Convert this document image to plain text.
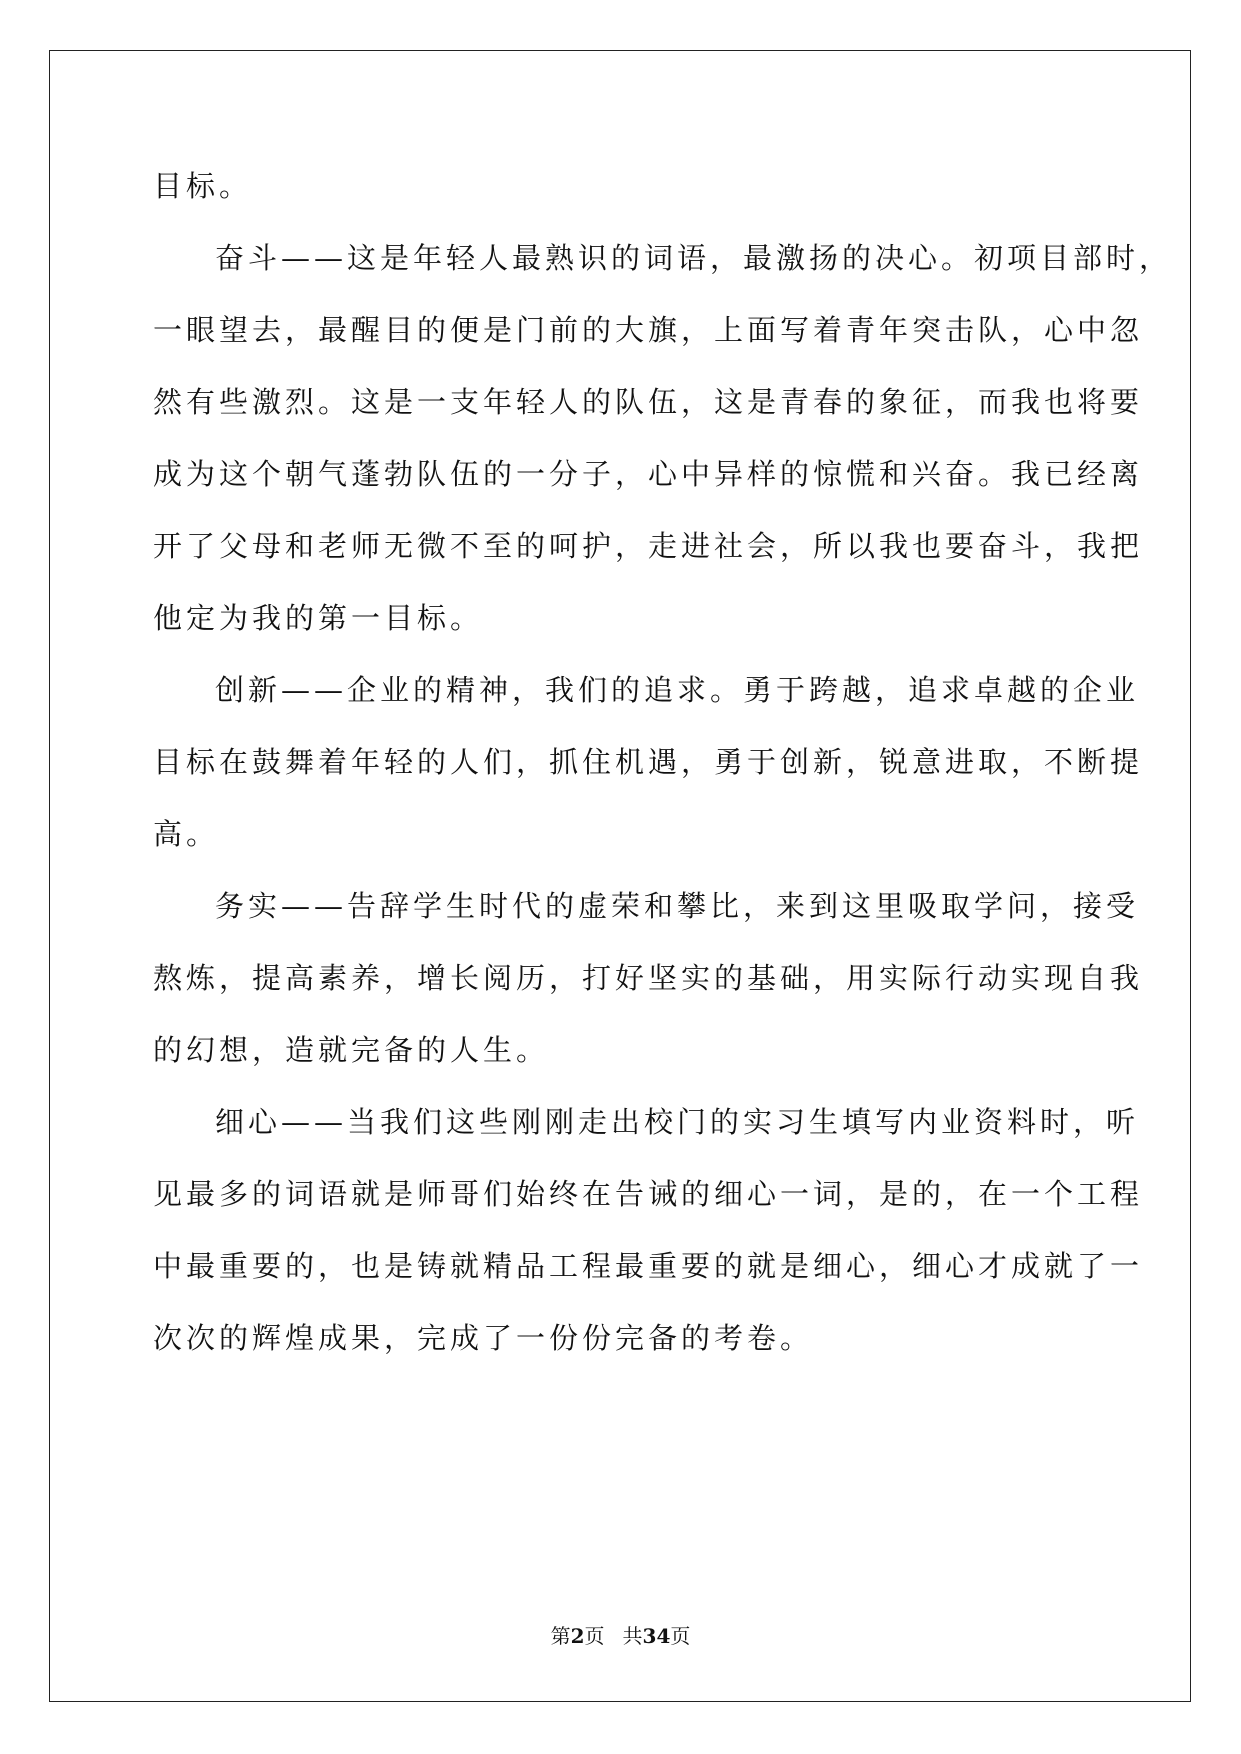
目标。
奋斗——这是年轻人最熟识的词语，最激扬的决心。初项目部时，
一眼望去，最醒目的便是门前的大旗，上面写着青年突击队，心中忽
然有些激烈。这是一支年轻人的队伍，这是青春的象征，而我也将要
成为这个朝气蓬勃队伍的一分子，心中异样的惊慌和兴奋。我已经离
开了父母和老师无微不至的呵护，走进社会，所以我也要奋斗，我把
他定为我的第一目标。
创新——企业的精神，我们的追求。勇于跨越，追求卓越的企业
目标在鼓舞着年轻的人们，抓住机遇，勇于创新，锐意进取，不断提
高。
务实——告辞学生时代的虚荣和攀比，来到这里吸取学问，接受
熬炼，提高素养，增长阅历，打好坚实的基础，用实际行动实现自我
的幻想，造就完备的人生。
细心——当我们这些刚刚走出校门的实习生填写内业资料时，听
见最多的词语就是师哥们始终在告诫的细心一词，是的，在一个工程
中最重要的，也是铸就精品工程最重要的就是细心，细心才成就了一
次次的辉煌成果，完成了一份份完备的考卷。
第2页 共34页
